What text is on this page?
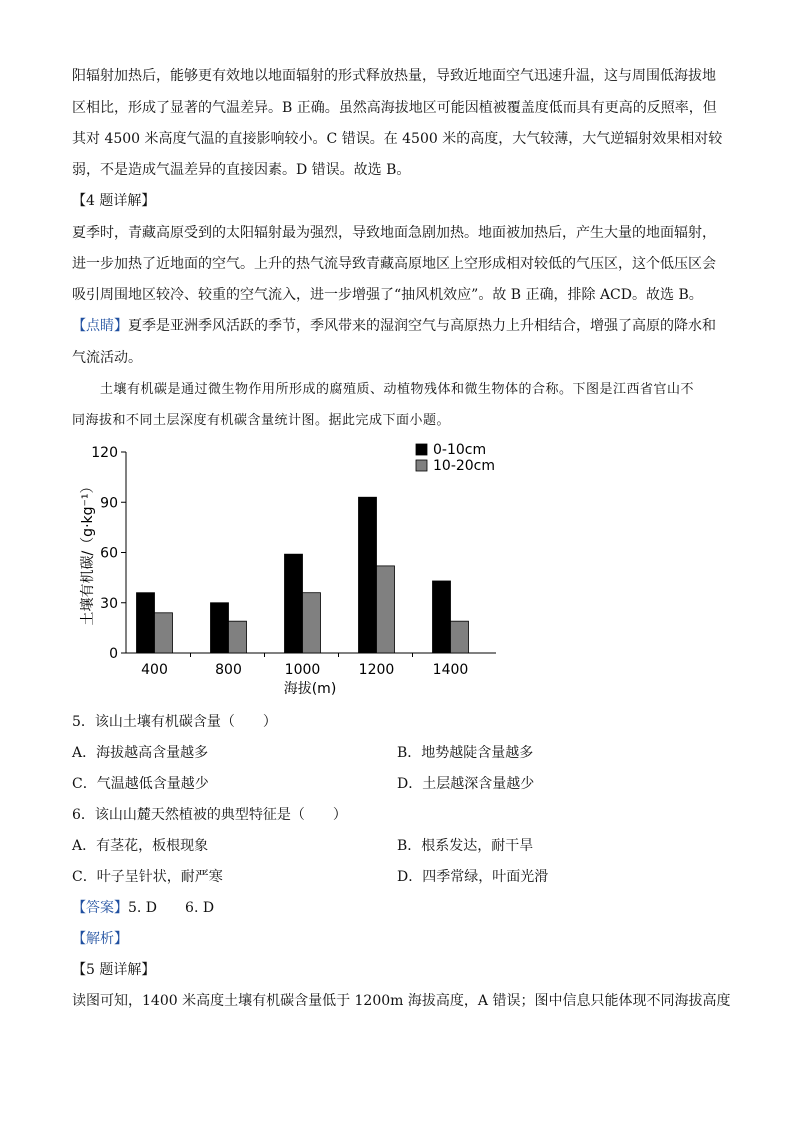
阳辐射加热后，能够更有效地以地面辐射的形式释放热量，导致近地面空气迅速升温，这与周围低海拔地
区相比，形成了显著的气温差异。B 正确。虽然高海拔地区可能因植被覆盖度低而具有更高的反照率，但
其对 4500 米高度气温的直接影响较小。C 错误。在 4500 米的高度，大气较薄，大气逆辐射效果相对较
弱，不是造成气温差异的直接因素。D 错误。故选 B。
【4 题详解】
夏季时，青藏高原受到的太阳辐射最为强烈，导致地面急剧加热。地面被加热后，产生大量的地面辐射，
进一步加热了近地面的空气。上升的热气流导致青藏高原地区上空形成相对较低的气压区，这个低压区会
吸引周围地区较冷、较重的空气流入，进一步增强了“抽风机效应”。故 B 正确，排除 ACD。故选 B。
【点睛】夏季是亚洲季风活跃的季节，季风带来的湿润空气与高原热力上升相结合，增强了高原的降水和
气流活动。
土壤有机碳是通过微生物作用所形成的腐殖质、动植物残体和微生物体的合称。下图是江西省官山不
同海拔和不同土层深度有机碳含量统计图。据此完成下面小题。
0
30
60
90
120
400	800	1000	1200	1400
海拔(m)
土壤有机碳/（g·kg⁻¹）
0-10cm
10-20cm
5．该山土壤有机碳含量（　　）
A．海拔越高含量越多	B．地势越陡含量越多
C．气温越低含量越少	D．土层越深含量越少
6．该山山麓天然植被的典型特征是（　　）
A．有茎花，板根现象	B．根系发达，耐干旱
C．叶子呈针状，耐严寒	D．四季常绿，叶面光滑
【答案】5. D　　6. D
【解析】
【5 题详解】
读图可知，1400 米高度土壤有机碳含量低于 1200m 海拔高度，A 错误；图中信息只能体现不同海拔高度
